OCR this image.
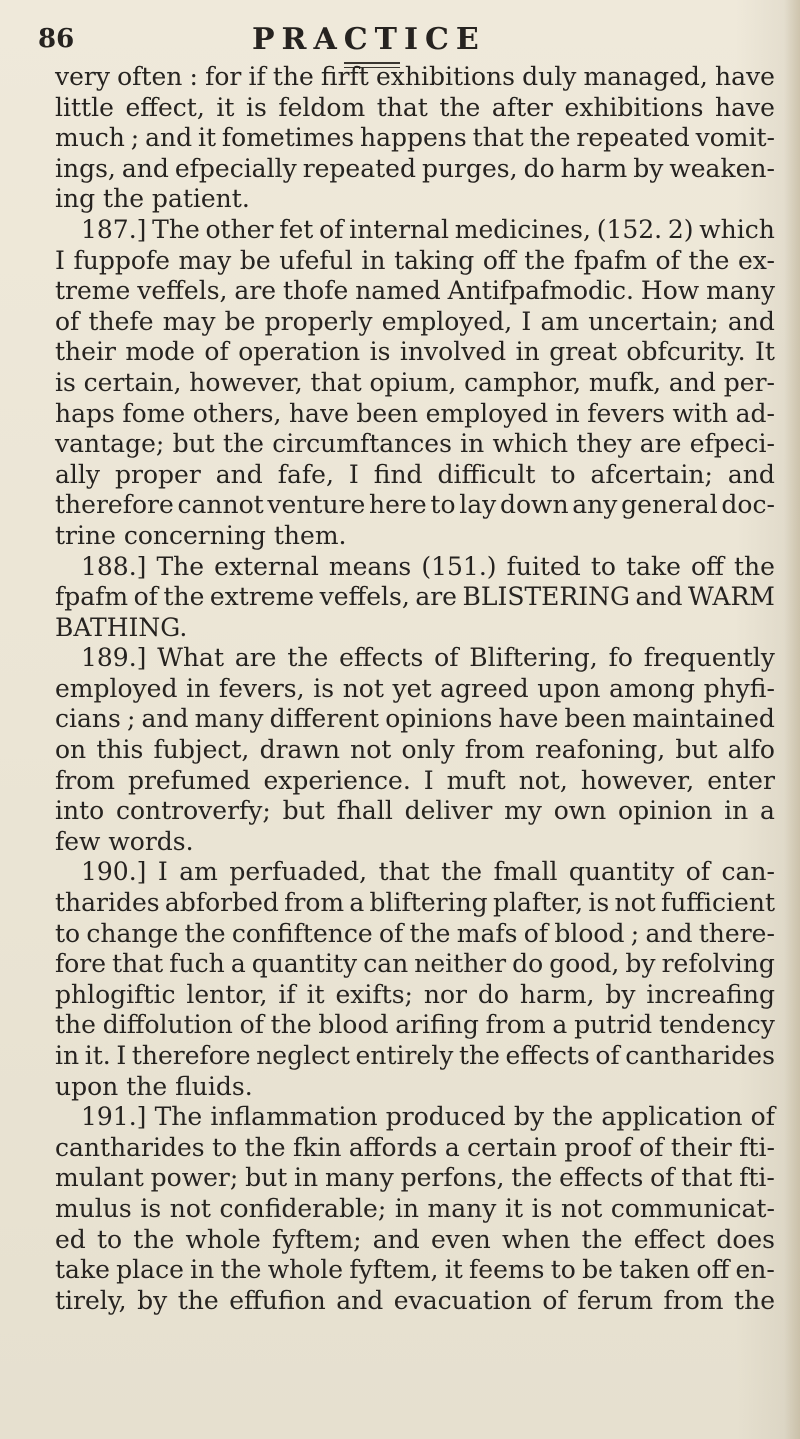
86	PRACTICE
very often : for if the firft exhibitions duly managed, have
little effect, it is feldom that the after exhibitions have
much ; and it fometimes happens that the repeated vomit-
ings, and efpecially repeated purges, do harm by weaken-
ing the patient.
187.] The other fet of internal medicines, (152. 2) which
I fuppofe may be ufeful in taking off the fpafm of the ex-
treme veffels, are thofe named Antifpafmodic. How many
of thefe may be properly employed, I am uncertain; and
their mode of operation is involved in great obfcurity. It
is certain, however, that opium, camphor, mufk, and per-
haps fome others, have been employed in fevers with ad-
vantage; but the circumftances in which they are efpeci-
ally proper and fafe, I find difficult to afcertain; and
therefore cannot venture here to lay down any general doc-
trine concerning them.
188.] The external means (151.) fuited to take off the
fpafm of the extreme veffels, are BLISTERING and WARM
BATHING.
189.] What are the effects of Bliftering, fo frequently
employed in fevers, is not yet agreed upon among phyfi-
cians ; and many different opinions have been maintained
on this fubject, drawn not only from reafoning, but alfo
from prefumed experience. I muft not, however, enter
into controverfy; but fhall deliver my own opinion in a
few words.
190.] I am perfuaded, that the fmall quantity of can-
tharides abforbed from a bliftering plafter, is not fufficient
to change the confiftence of the mafs of blood ; and there-
fore that fuch a quantity can neither do good, by refolving
phlogiftic lentor, if it exifts; nor do harm, by increafing
the diffolution of the blood arifing from a putrid tendency
in it. I therefore neglect entirely the effects of cantharides
upon the fluids.
191.] The inflammation produced by the application of
cantharides to the fkin affords a certain proof of their fti-
mulant power; but in many perfons, the effects of that fti-
mulus is not confiderable; in many it is not communicat-
ed to the whole fyftem; and even when the effect does
take place in the whole fyftem, it feems to be taken off en-
tirely, by the effufion and evacuation of ferum from the
